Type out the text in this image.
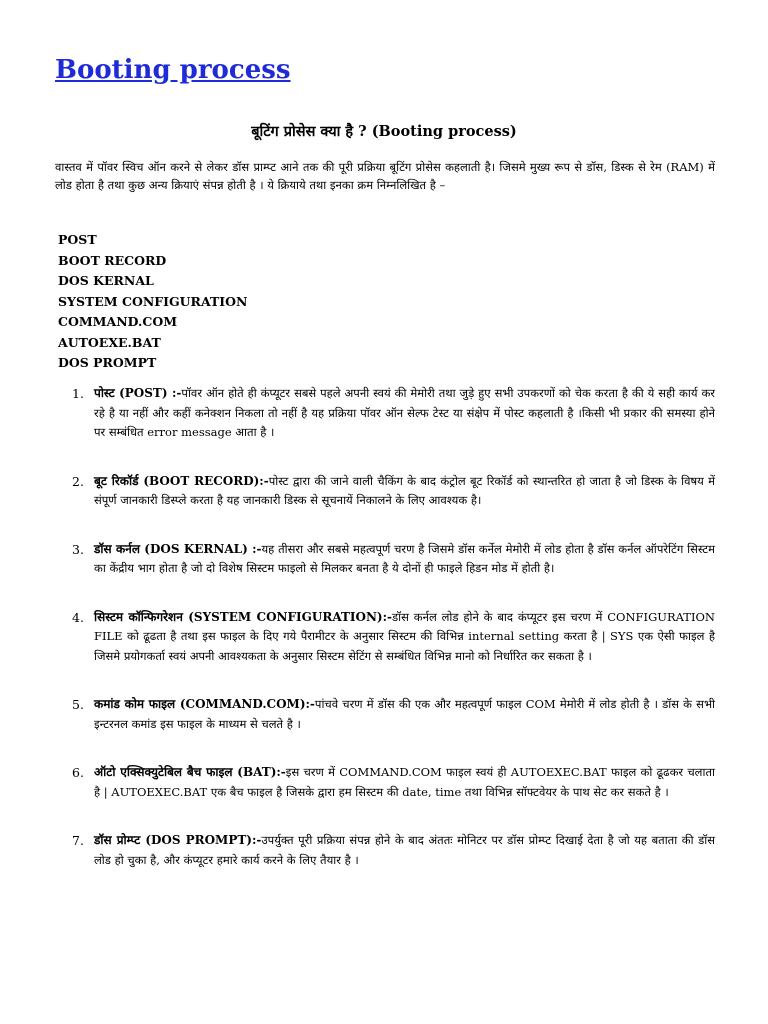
Booting process
बूटिंग प्रोसेस क्या है ? (Booting process)

वास्तव में पॉवर स्विच ऑन करने से लेकर डॉस प्राम्प्ट आने तक की पूरी प्रक्रिया बूटिंग प्रोसेस कहलाती है। जिसमे मुख्य रूप से डॉस, डिस्क से रेम (RAM) में लोड होता है तथा कुछ अन्य क्रियाएं संपन्न होती है । ये क्रियाये तथा इनका क्रम निम्नलिखित है –

POST
BOOT RECORD
DOS KERNAL
SYSTEM CONFIGURATION
COMMAND.COM
AUTOEXE.BAT
DOS PROMPT
1. पोस्ट (POST) :-पॉवर ऑन होते ही कंप्यूटर सबसे पहले अपनी स्वयं की मेमोरी तथा जुड़े हुए सभी उपकरणों को चेक करता है की ये सही कार्य कर रहे है या नहीं और कहीं कनेक्शन निकला तो नहीं है यह प्रक्रिया पॉवर ऑन सेल्फ टेस्ट या संक्षेप में पोस्ट कहलाती है ।किसी भी प्रकार की समस्या होने पर सम्बंधित error message आता है ।

2. बूट रिकॉर्ड (BOOT RECORD):-पोस्ट द्वारा की जाने वाली चैकिंग के बाद कंट्रोल बूट रिकॉर्ड को स्थान्तरित हो जाता है जो डिस्क के विषय में संपूर्ण जानकारी डिस्प्ले करता है यह जानकारी डिस्क से सूचनायें निकालने के लिए आवश्यक है।

3. डॉस कर्नल (DOS KERNAL) :-यह तीसरा और सबसे महत्वपूर्ण चरण है जिसमे डॉस कर्नेल मेमोरी में लोड होता है डॉस कर्नल ऑपरेटिंग सिस्टम का केंद्रीय भाग होता है जो दो विशेष सिस्टम फाइलो से मिलकर बनता है ये दोनों ही फाइले हिडन मोड में होती है।

4. सिस्टम कॉन्फिगरेशन (SYSTEM CONFIGURATION):-डॉस कर्नल लोड होने के बाद कंप्यूटर इस चरण में CONFIGURATION FILE को ढूढता है तथा इस फाइल के दिए गये पैरामीटर के अनुसार सिस्टम की विभिन्न internal setting करता है | SYS एक ऐसी फाइल है जिसमे प्रयोगकर्ता स्वयं अपनी आवश्यकता के अनुसार सिस्टम सेटिंग से सम्बंधित विभिन्न मानो को निर्धारित कर सकता है ।

5. कमांड कोम फाइल (COMMAND.COM):-पांचवे चरण में डॉस की एक और महत्वपूर्ण फाइल COM मेमोरी में लोड होती है । डॉस के सभी इन्टरनल कमांड इस फाइल के माध्यम से चलते है ।

6. ऑटो एक्सिक्युटेबिल बैच फाइल (BAT):-इस चरण में COMMAND.COM फाइल स्वयं ही AUTOEXEC.BAT फाइल को ढूढकर चलाता है | AUTOEXEC.BAT एक बैच फाइल है जिसके द्वारा हम सिस्टम की date, time तथा विभिन्न सॉफ्टवेयर के पाथ सेट कर सकते है ।

7. डॉस प्रोम्प्ट (DOS PROMPT):-उपर्युक्त पूरी प्रक्रिया संपन्न होने के बाद अंततः मोनिटर पर डॉस प्रोम्प्ट दिखाई देता है जो यह बताता की डॉस लोड हो चुका है, और कंप्यूटर हमारे कार्य करने के लिए तैयार है ।
